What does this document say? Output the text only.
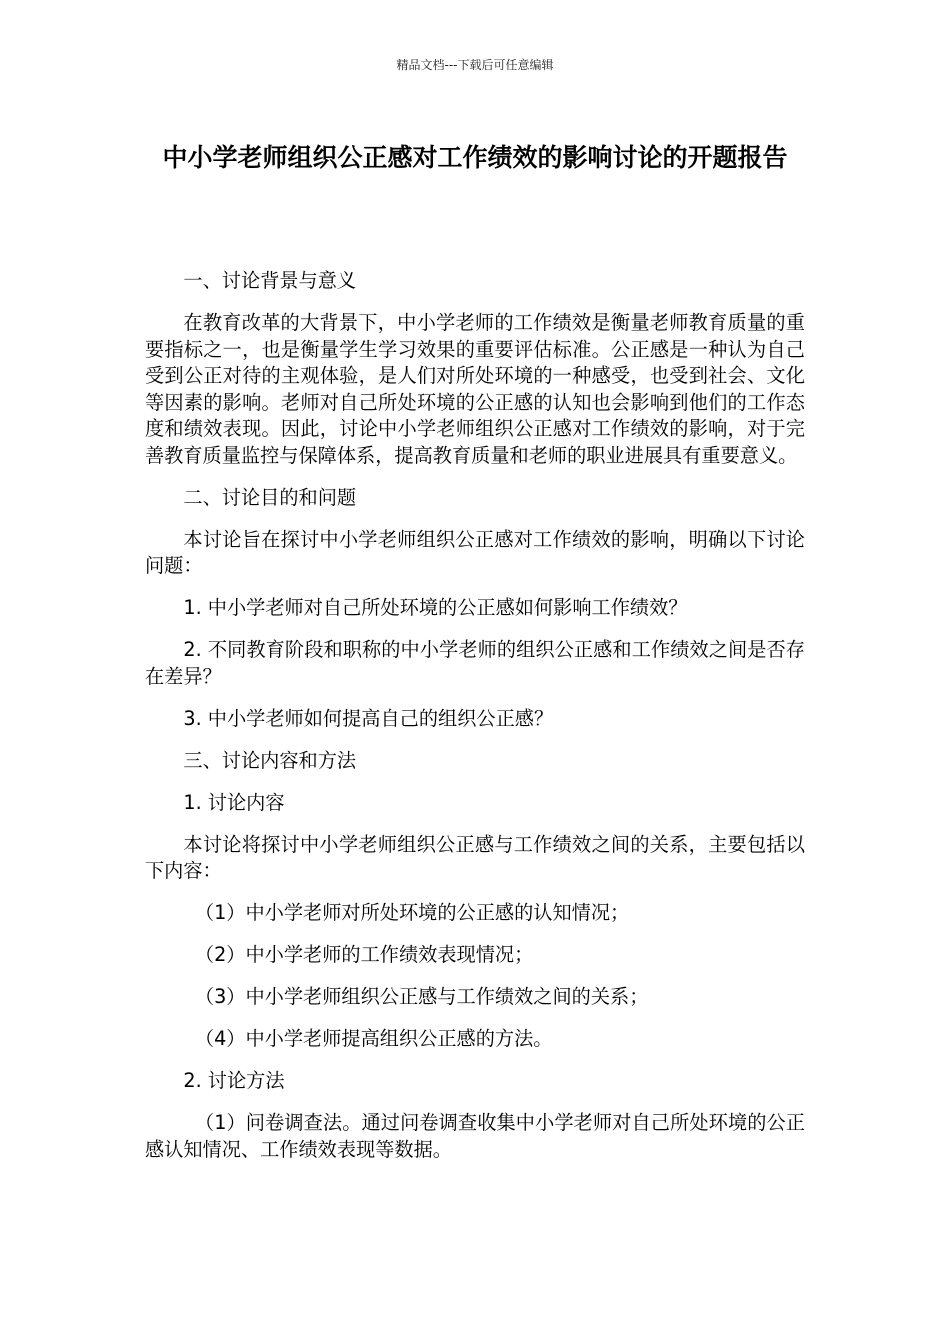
精品文档---下载后可任意编辑
中小学老师组织公正感对工作绩效的影响讨论的开题报告

一、讨论背景与意义

在教育改革的大背景下，中小学老师的工作绩效是衡量老师教育质量的重要指标之一，也是衡量学生学习效果的重要评估标准。公正感是一种认为自己受到公正对待的主观体验，是人们对所处环境的一种感受，也受到社会、文化等因素的影响。老师对自己所处环境的公正感的认知也会影响到他们的工作态度和绩效表现。因此，讨论中小学老师组织公正感对工作绩效的影响，对于完善教育质量监控与保障体系，提高教育质量和老师的职业进展具有重要意义。

二、讨论目的和问题

本讨论旨在探讨中小学老师组织公正感对工作绩效的影响，明确以下讨论问题：

1. 中小学老师对自己所处环境的公正感如何影响工作绩效？

2. 不同教育阶段和职称的中小学老师的组织公正感和工作绩效之间是否存在差异？

3. 中小学老师如何提高自己的组织公正感？

三、讨论内容和方法

1. 讨论内容

本讨论将探讨中小学老师组织公正感与工作绩效之间的关系，主要包括以下内容：

（1）中小学老师对所处环境的公正感的认知情况；

（2）中小学老师的工作绩效表现情况；

（3）中小学老师组织公正感与工作绩效之间的关系；

（4）中小学老师提高组织公正感的方法。

2. 讨论方法

（1）问卷调查法。通过问卷调查收集中小学老师对自己所处环境的公正感认知情况、工作绩效表现等数据。
